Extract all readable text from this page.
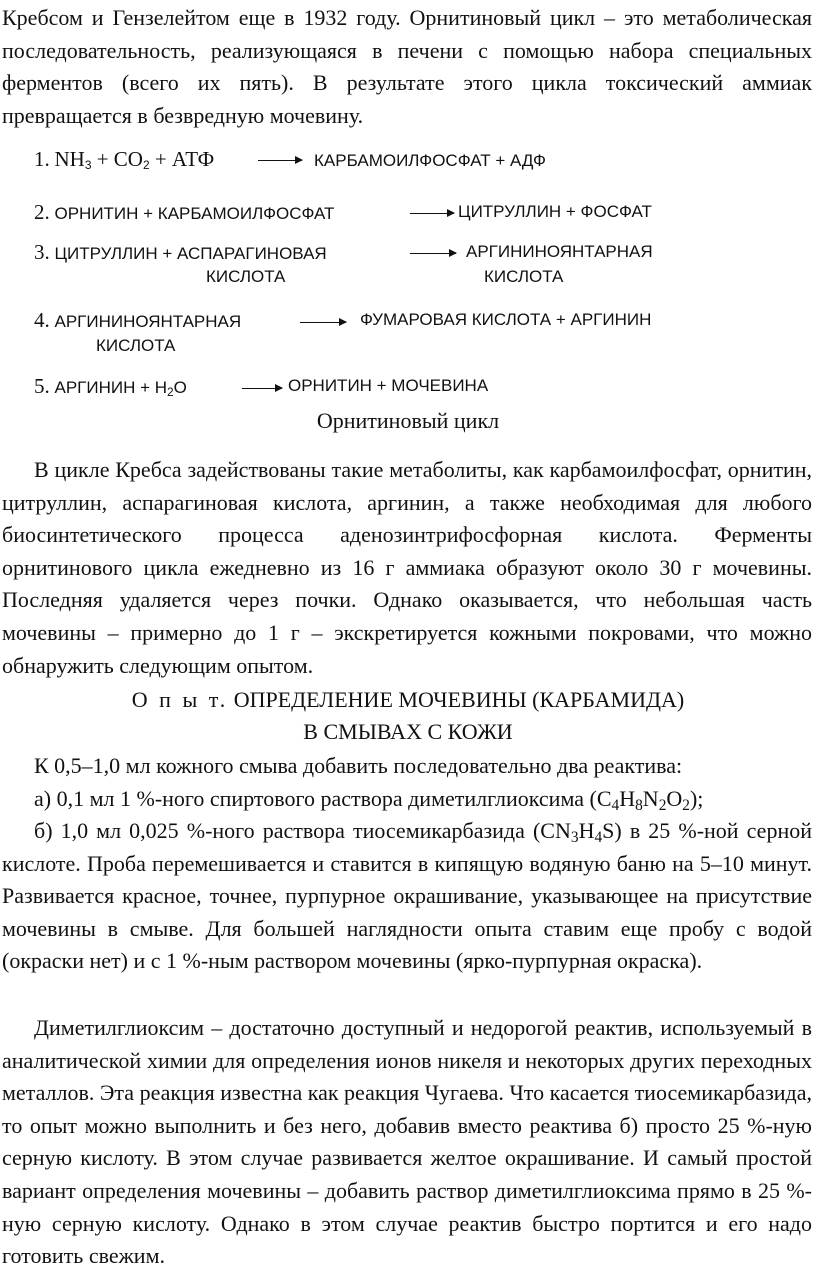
Кребсом и Гензелейтом еще в 1932 году. Орнитиновый цикл – это метаболическая последовательность, реализующаяся в печени с помощью набора специальных ферментов (всего их пять). В результате этого цикла токсический аммиак превращается в безвредную мочевину.

1. $NH_3 + CO_2$ + АТФ	→ КАРБАМОИЛФОСФАТ + АДФ
2. ОРНИТИН + КАРБАМОИЛФОСФАТ	→ ЦИТРУЛЛИН + ФОСФАТ
3. ЦИТРУЛЛИН + АСПАРАГИНОВАЯ
КИСЛОТА
→ АРГИНИНОЯНТАРНАЯ
КИСЛОТА
4. АРГИНИНОЯНТАРНАЯ
КИСЛОТА
→ ФУМАРОВАЯ КИСЛОТА + АРГИНИН
5. АРГИНИН + $H_2O$	→ ОРНИТИН + МОЧЕВИНА

Орнитиновый цикл

В цикле Кребса задействованы такие метаболиты, как карбамоилфосфат, орнитин, цитруллин, аспарагиновая кислота, аргинин, а также необходимая для любого биосинтетического процесса аденозинтрифосфорная кислота. Ферменты орнитинового цикла ежедневно из 16 г аммиака образуют около 30 г мочевины. Последняя удаляется через почки. Однако оказывается, что небольшая часть мочевины – примерно до 1 г – экскретируется кожными покровами, что можно обнаружить следующим опытом.

О п ы т. ОПРЕДЕЛЕНИЕ МОЧЕВИНЫ (КАРБАМИДА)

В СМЫВАХ С КОЖИ

К 0,5–1,0 мл кожного смыва добавить последовательно два реактива:

а) 0,1 мл 1 %-ного спиртового раствора диметилглиоксима $(C_4H_8N_2O_2)$;

б) 1,0 мл 0,025 %-ного раствора тиосемикарбазида $(CN_3H_4S)$ в 25 %-ной серной кислоте. Проба перемешивается и ставится в кипящую водяную баню на 5–10 минут. Развивается красное, точнее, пурпурное окрашивание, указывающее на присутствие мочевины в смыве. Для большей наглядности опыта ставим еще пробу с водой (окраски нет) и с 1 %-ным раствором мочевины (ярко-пурпурная окраска).

Диметилглиоксим – достаточно доступный и недорогой реактив, используемый в аналитической химии для определения ионов никеля и некоторых других переходных металлов. Эта реакция известна как реакция Чугаева. Что касается тиосемикарбазида, то опыт можно выполнить и без него, добавив вместо реактива б) просто 25 %-ную серную кислоту. В этом случае развивается желтое окрашивание. И самый простой вариант определения мочевины – добавить раствор диметилглиоксима прямо в 25 %-ную серную кислоту. Однако в этом случае реактив быстро портится и его надо готовить свежим.
